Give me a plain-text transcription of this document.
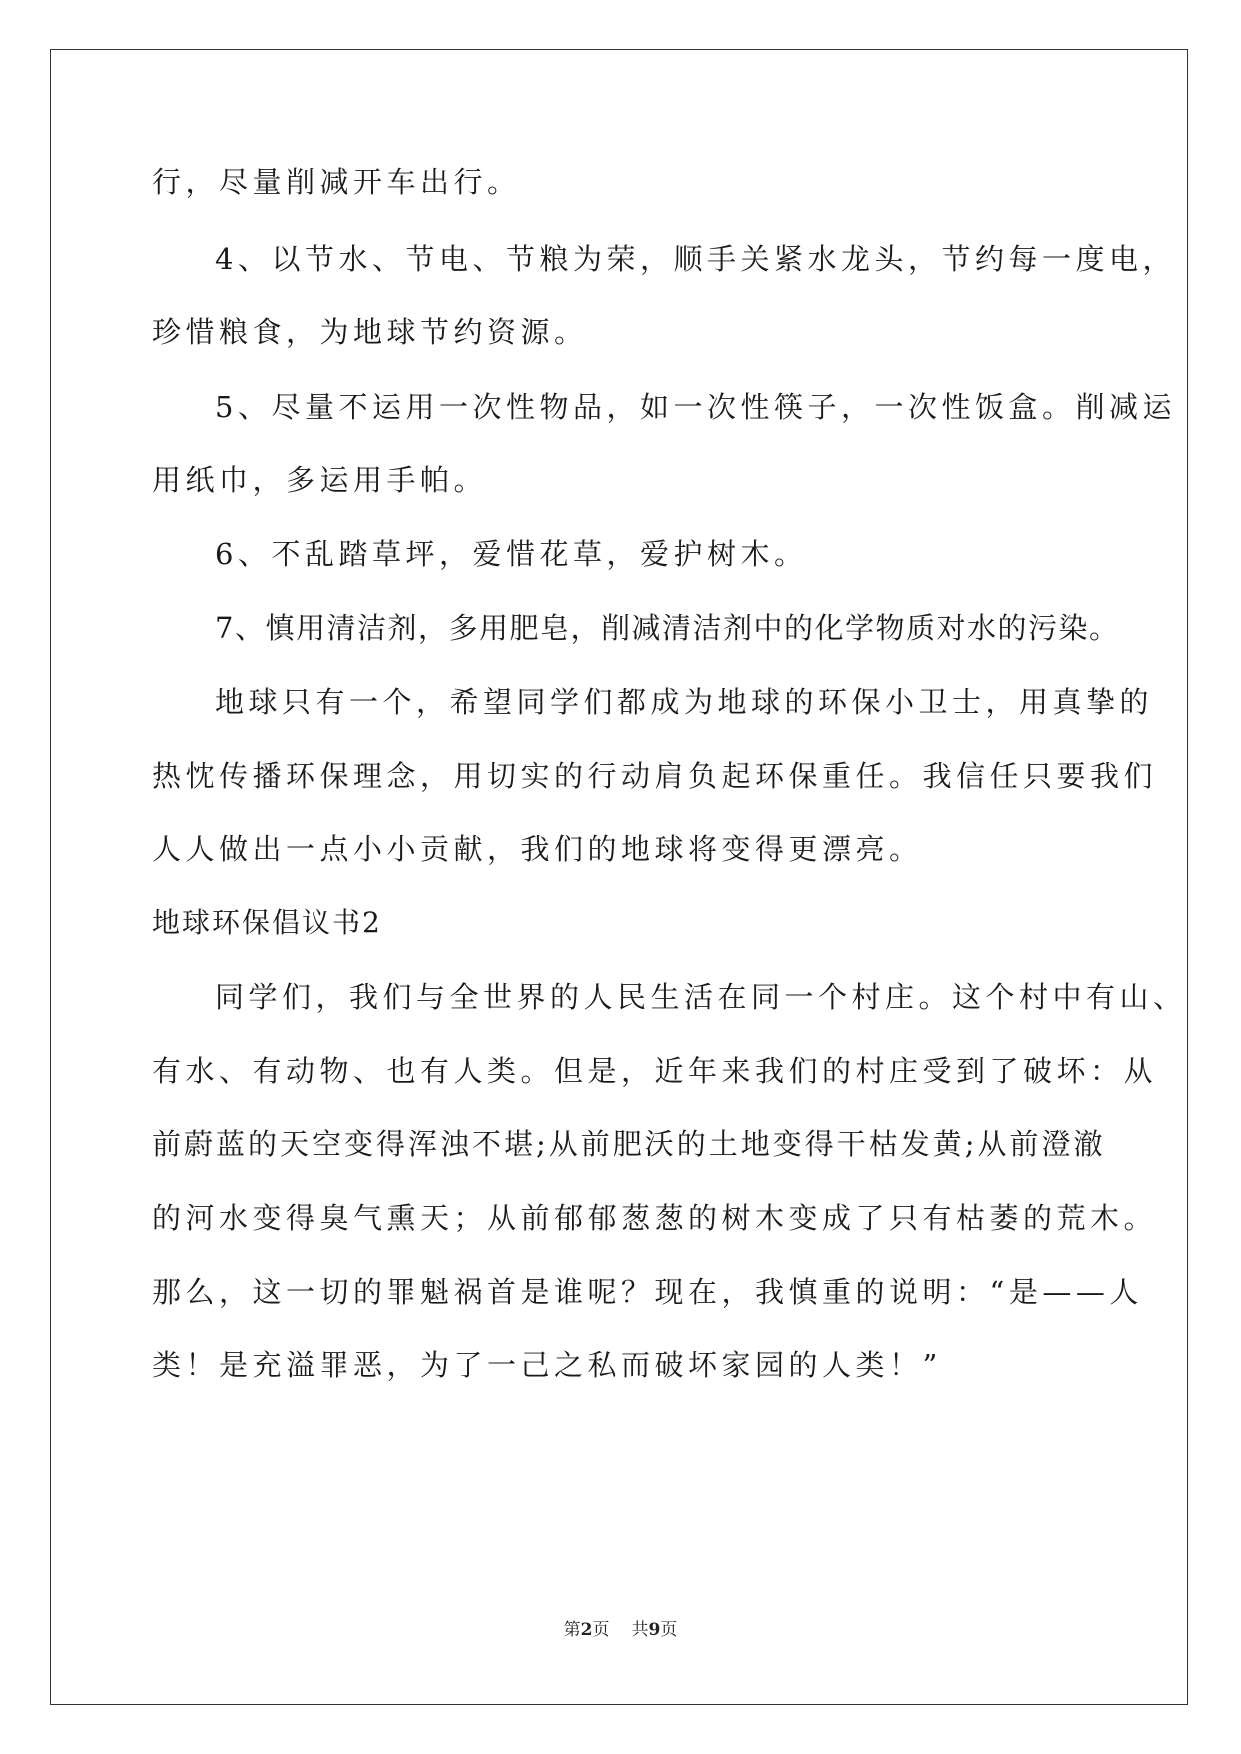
行，尽量削减开车出行。
4、以节水、节电、节粮为荣，顺手关紧水龙头，节约每一度电，
珍惜粮食，为地球节约资源。
5、尽量不运用一次性物品，如一次性筷子，一次性饭盒。削减运
用纸巾，多运用手帕。
6、不乱踏草坪，爱惜花草，爱护树木。
7、慎用清洁剂，多用肥皂，削减清洁剂中的化学物质对水的污染。
地球只有一个，希望同学们都成为地球的环保小卫士，用真挚的
热忱传播环保理念，用切实的行动肩负起环保重任。我信任只要我们
人人做出一点小小贡献，我们的地球将变得更漂亮。
地球环保倡议书2
同学们，我们与全世界的人民生活在同一个村庄。这个村中有山、
有水、有动物、也有人类。但是，近年来我们的村庄受到了破坏：从
前蔚蓝的天空变得浑浊不堪;从前肥沃的土地变得干枯发黄;从前澄澈
的河水变得臭气熏天；从前郁郁葱葱的树木变成了只有枯萎的荒木。
那么，这一切的罪魁祸首是谁呢？现在，我慎重的说明：“是——人
类！是充溢罪恶，为了一己之私而破坏家园的人类！”
第2页 共9页
